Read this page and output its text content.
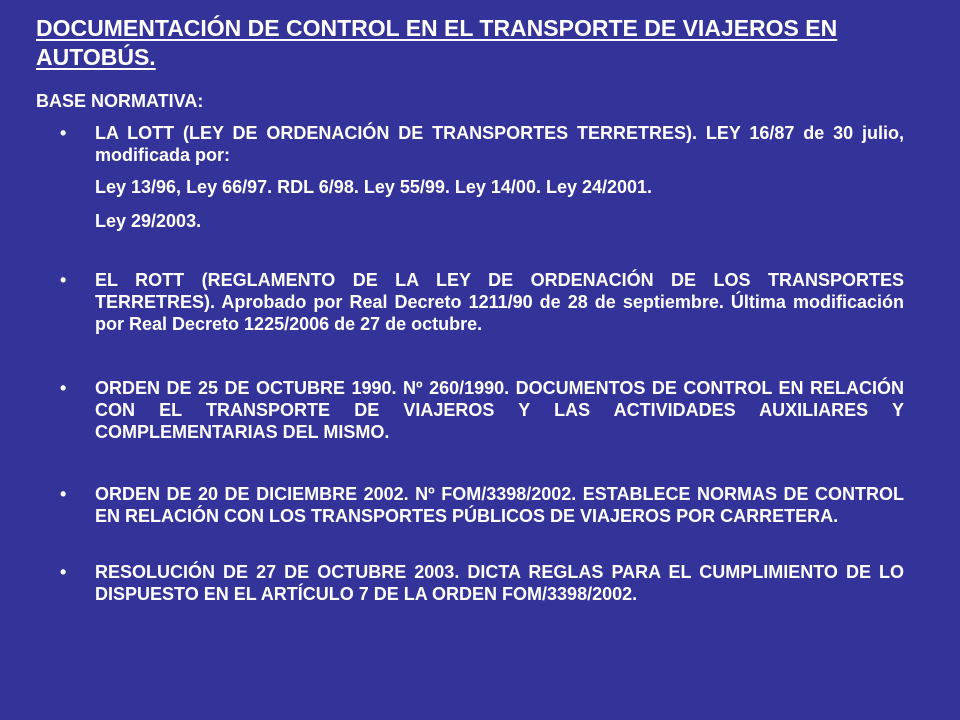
DOCUMENTACIÓN DE CONTROL EN EL TRANSPORTE DE VIAJEROS EN AUTOBÚS.
BASE NORMATIVA:
•	LA LOTT (LEY DE ORDENACIÓN DE TRANSPORTES TERRETRES). LEY 16/87 de 30 julio, modificada por:
Ley 13/96, Ley 66/97. RDL 6/98. Ley 55/99. Ley 14/00. Ley 24/2001.
Ley 29/2003.
•	EL ROTT (REGLAMENTO DE LA LEY DE ORDENACIÓN DE LOS TRANSPORTES TERRETRES). Aprobado por Real Decreto 1211/90 de 28 de septiembre. Última modificación por Real Decreto 1225/2006 de 27 de octubre.
•	ORDEN DE 25 DE OCTUBRE 1990. Nº 260/1990. DOCUMENTOS DE CONTROL EN RELACIÓN CON EL TRANSPORTE DE VIAJEROS Y LAS ACTIVIDADES AUXILIARES Y COMPLEMENTARIAS DEL MISMO.
•	ORDEN DE 20 DE DICIEMBRE 2002. Nº FOM/3398/2002. ESTABLECE NORMAS DE CONTROL EN RELACIÓN CON LOS TRANSPORTES PÚBLICOS DE VIAJEROS POR CARRETERA.
•	RESOLUCIÓN DE 27 DE OCTUBRE 2003. DICTA REGLAS PARA EL CUMPLIMIENTO DE LO DISPUESTO EN EL ARTÍCULO 7 DE LA ORDEN FOM/3398/2002.
